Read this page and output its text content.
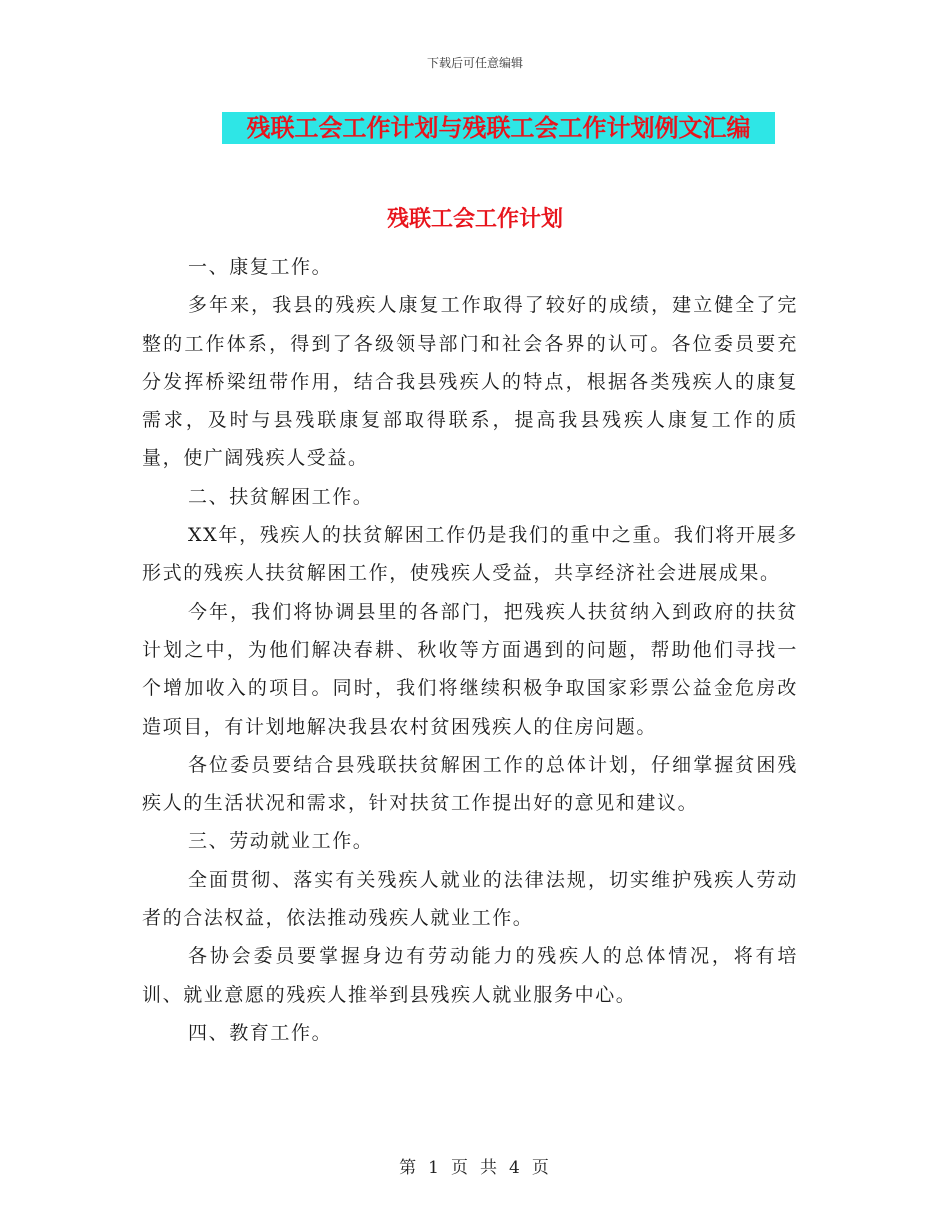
下载后可任意编辑
残联工会工作计划与残联工会工作计划例文汇编
残联工会工作计划

一、康复工作。

多年来，我县的残疾人康复工作取得了较好的成绩，建立健全了完整的工作体系，得到了各级领导部门和社会各界的认可。各位委员要充分发挥桥梁纽带作用，结合我县残疾人的特点，根据各类残疾人的康复需求，及时与县残联康复部取得联系，提高我县残疾人康复工作的质量，使广阔残疾人受益。

二、扶贫解困工作。

XX年，残疾人的扶贫解困工作仍是我们的重中之重。我们将开展多形式的残疾人扶贫解困工作，使残疾人受益，共享经济社会进展成果。

今年，我们将协调县里的各部门，把残疾人扶贫纳入到政府的扶贫计划之中，为他们解决春耕、秋收等方面遇到的问题，帮助他们寻找一个增加收入的项目。同时，我们将继续积极争取国家彩票公益金危房改造项目，有计划地解决我县农村贫困残疾人的住房问题。

各位委员要结合县残联扶贫解困工作的总体计划，仔细掌握贫困残疾人的生活状况和需求，针对扶贫工作提出好的意见和建议。

三、劳动就业工作。

全面贯彻、落实有关残疾人就业的法律法规，切实维护残疾人劳动者的合法权益，依法推动残疾人就业工作。

各协会委员要掌握身边有劳动能力的残疾人的总体情况，将有培训、就业意愿的残疾人推举到县残疾人就业服务中心。

四、教育工作。

第 1 页 共 4 页
